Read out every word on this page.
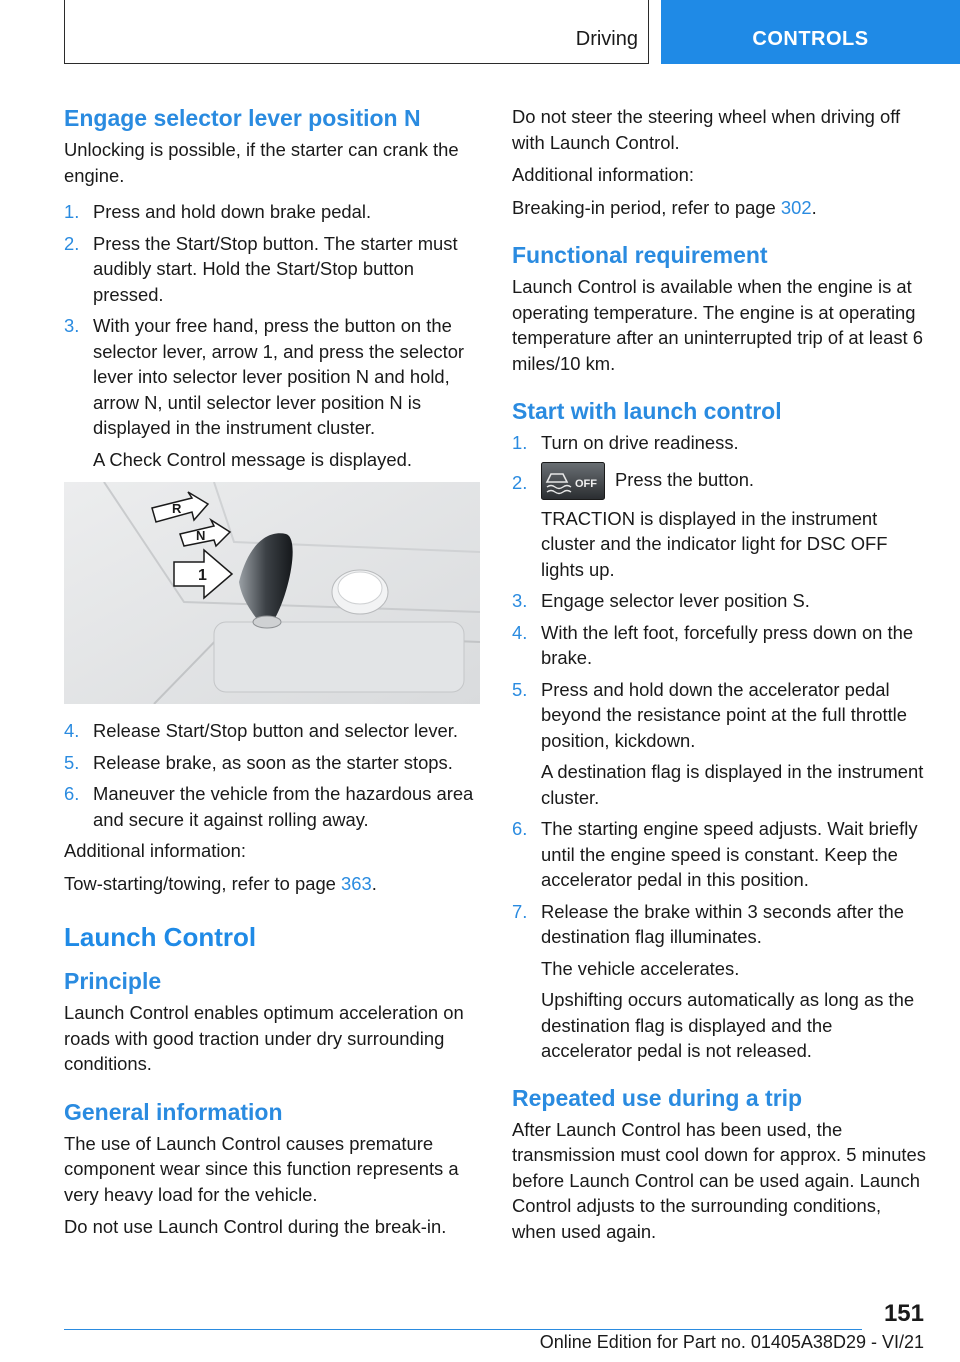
Driving	CONTROLS
Engage selector lever position N

Unlocking is possible, if the starter can crank the engine.

1. Press and hold down brake pedal.
2. Press the Start/Stop button. The starter must audibly start. Hold the Start/Stop button pressed.
3. With your free hand, press the button on the selector lever, arrow 1, and press the selector lever into selector lever position N and hold, arrow N, until selector lever position N is displayed in the instrument cluster.
A Check Control message is displayed.
R
N
1
4. Release Start/Stop button and selector lever.
5. Release brake, as soon as the starter stops.
6. Maneuver the vehicle from the hazardous area and secure it against rolling away.

Additional information:

Tow-starting/towing, refer to page 363.

Launch Control
Principle

Launch Control enables optimum acceleration on roads with good traction under dry surrounding conditions.

General information

The use of Launch Control causes premature component wear since this function represents a very heavy load for the vehicle.

Do not use Launch Control during the break-in.

Do not steer the steering wheel when driving off with Launch Control.

Additional information:

Breaking-in period, refer to page 302.

Functional requirement

Launch Control is available when the engine is at operating temperature. The engine is at operating temperature after an uninterrupted trip of at least 6 miles/10 km.

Start with launch control
1. Turn on drive readiness.
2.	OFF Press the button.
TRACTION is displayed in the instrument cluster and the indicator light for DSC OFF lights up.
3. Engage selector lever position S.
4. With the left foot, forcefully press down on the brake.
5. Press and hold down the accelerator pedal beyond the resistance point at the full throttle position, kickdown.
A destination flag is displayed in the instrument cluster.
6. The starting engine speed adjusts. Wait briefly until the engine speed is constant. Keep the accelerator pedal in this position.
7. Release the brake within 3 seconds after the destination flag illuminates.
The vehicle accelerates.
Upshifting occurs automatically as long as the destination flag is displayed and the accelerator pedal is not released.
Repeated use during a trip

After Launch Control has been used, the transmission must cool down for approx. 5 minutes before Launch Control can be used again. Launch Control adjusts to the surrounding conditions, when used again.

151
Online Edition for Part no. 01405A38D29 - VI/21
